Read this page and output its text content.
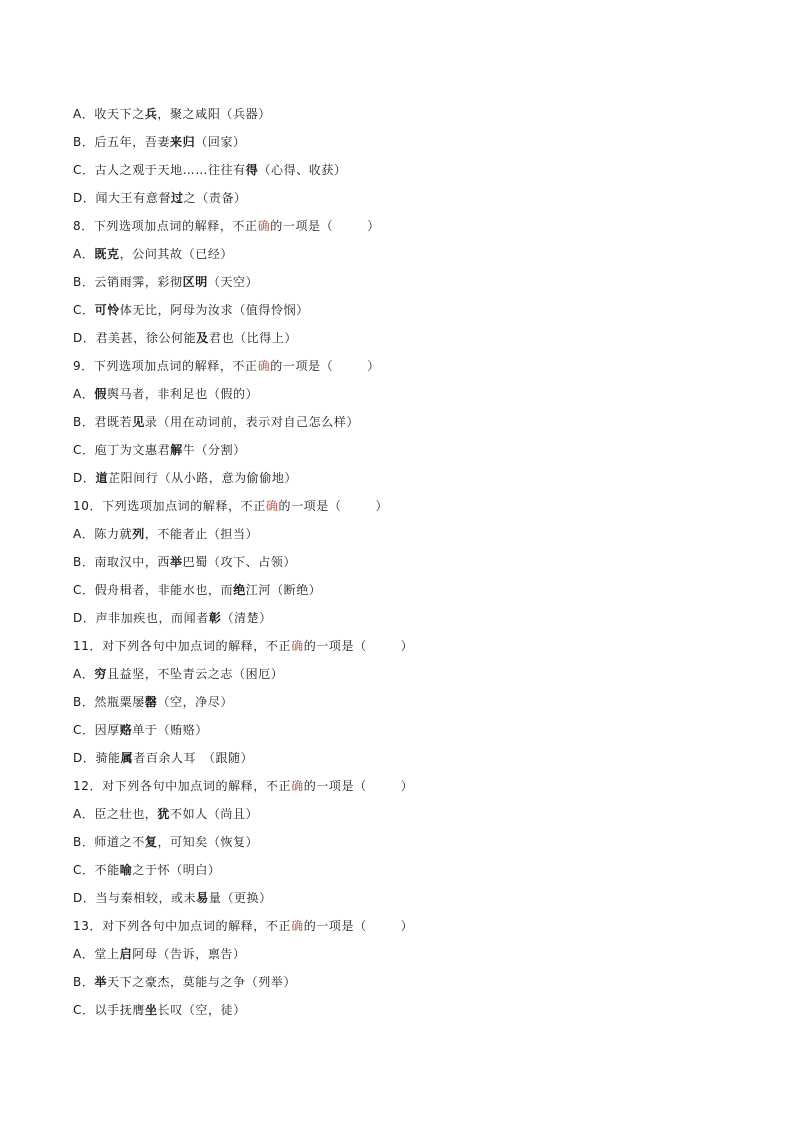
A．收天下之兵，聚之咸阳（兵器）
B．后五年，吾妻来归（回家）
C．古人之观于天地……往往有得（心得、收获）
D．闻大王有意督过之（责备）
8．下列选项加点词的解释，不正确的一项是（	）
A．既克，公问其故（已经）
B．云销雨霁，彩彻区明（天空）
C．可怜体无比，阿母为汝求（值得怜悯）
D．君美甚，徐公何能及君也（比得上）
9．下列选项加点词的解释，不正确的一项是（	）
A．假舆马者，非利足也（假的）
B．君既若见录（用在动词前，表示对自己怎么样）
C．庖丁为文惠君解牛（分割）
D．道芷阳间行（从小路，意为偷偷地）
10．下列选项加点词的解释，不正确的一项是（	）
A．陈力就列，不能者止（担当）
B．南取汉中，西举巴蜀（攻下、占领）
C．假舟楫者，非能水也，而绝江河（断绝）
D．声非加疾也，而闻者彰（清楚）
11．对下列各句中加点词的解释，不正确的一项是（	）
A．穷且益坚，不坠青云之志（困厄）
B．然瓶粟屡罄（空，净尽）
C．因厚赂单于（贿赂）
D．骑能属者百余人耳　（跟随）
12．对下列各句中加点词的解释，不正确的一项是（	）
A．臣之壮也，犹不如人（尚且）
B．师道之不复，可知矣（恢复）
C．不能喻之于怀（明白）
D．当与秦相较，或未易量（更换）
13．对下列各句中加点词的解释，不正确的一项是（	）
A．堂上启阿母（告诉，禀告）
B．举天下之豪杰，莫能与之争（列举）
C．以手抚膺坐长叹（空，徒）
